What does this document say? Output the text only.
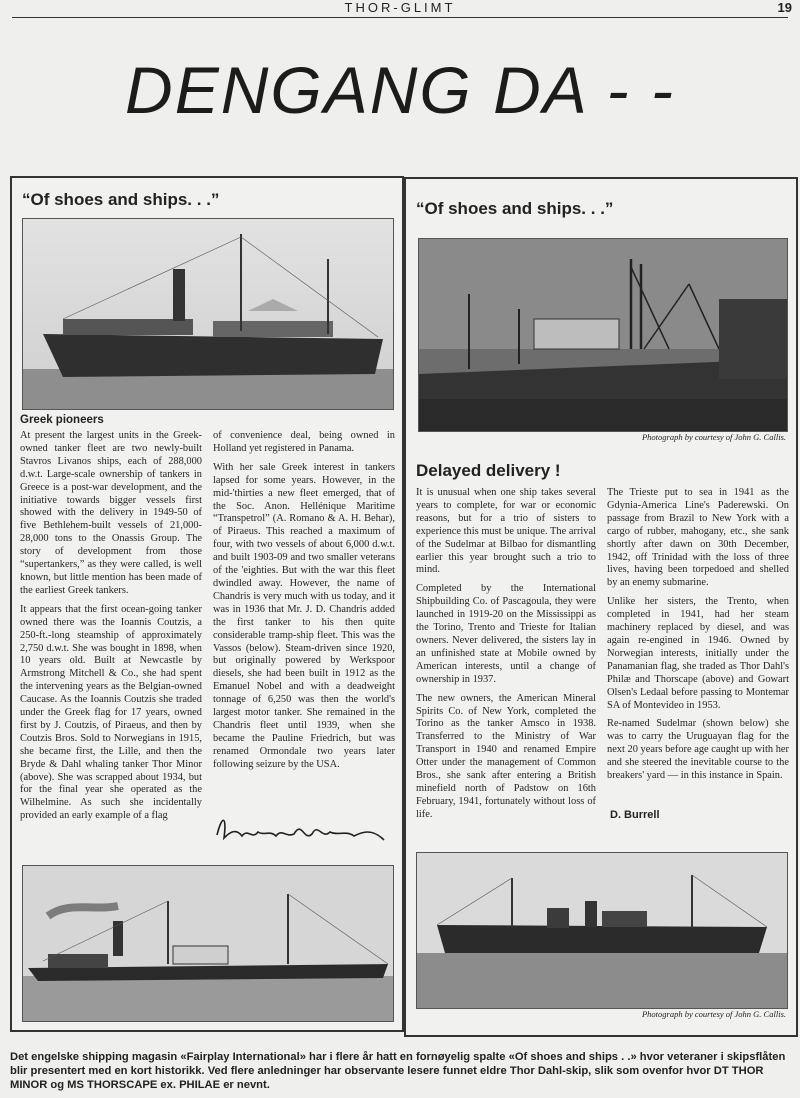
THOR-GLIMT	19
DENGANG DA - -
“Of shoes and ships. . .”
Greek pioneers

At present the largest units in the Greek-owned tanker fleet are two newly-built Stavros Livanos ships, each of 288,000 d.w.t. Large-scale ownership of tankers in Greece is a post-war development, and the initiative towards bigger vessels first showed with the delivery in 1949-50 of five Bethlehem-built vessels of 21,000-28,000 tons to the Onassis Group. The story of development from those “supertankers,” as they were called, is well known, but little mention has been made of the earliest Greek tankers.

It appears that the first ocean-going tanker owned there was the Ioannis Coutzis, a 250-ft.-long steamship of approximately 2,750 d.w.t. She was bought in 1898, when 10 years old. Built at Newcastle by Armstrong Mitchell & Co., she had spent the intervening years as the Belgian-owned Caucase. As the Ioannis Coutzis she traded under the Greek flag for 17 years, owned first by J. Coutzis, of Piraeus, and then by Coutzis Bros. Sold to Norwegians in 1915, she became first, the Lille, and then the Bryde & Dahl whaling tanker Thor Minor (above). She was scrapped about 1934, but for the final year she operated as the Wilhelmine. As such she incidentally provided an early example of a flag

of convenience deal, being owned in Holland yet registered in Panama.

With her sale Greek interest in tankers lapsed for some years. However, in the mid-'thirties a new fleet emerged, that of the Soc. Anon. Hellénique Maritime “Transpetrol” (A. Romano & A. H. Behar), of Piraeus. This reached a maximum of four, with two vessels of about 6,000 d.w.t. and built 1903-09 and two smaller veterans of the 'eighties. But with the war this fleet dwindled away. However, the name of Chandris is very much with us today, and it was in 1936 that Mr. J. D. Chandris added the first tanker to his then quite considerable tramp-ship fleet. This was the Vassos (below). Steam-driven since 1920, but originally powered by Werkspoor diesels, she had been built in 1912 as the Emanuel Nobel and with a deadweight tonnage of 6,250 was then the world's largest motor tanker. She remained in the Chandris fleet until 1939, when she became the Pauline Friedrich, but was renamed Ormondale two years later following seizure by the USA.

“Of shoes and ships. . .”
Photograph by courtesy of John G. Callis.
Delayed delivery !

It is unusual when one ship takes several years to complete, for war or economic reasons, but for a trio of sisters to experience this must be unique. The arrival of the Sudelmar at Bilbao for dismantling earlier this year brought such a trio to mind.

Completed by the International Shipbuilding Co. of Pascagoula, they were launched in 1919-20 on the Mississippi as the Torino, Trento and Trieste for Italian owners. Never delivered, the sisters lay in an unfinished state at Mobile owned by American interests, until a change of ownership in 1937.

The new owners, the American Mineral Spirits Co. of New York, completed the Torino as the tanker Amsco in 1938. Transferred to the Ministry of War Transport in 1940 and renamed Empire Otter under the management of Common Bros., she sank after entering a British minefield north of Padstow on 16th February, 1941, fortunately without loss of life.

The Trieste put to sea in 1941 as the Gdynia-America Line's Paderewski. On passage from Brazil to New York with a cargo of rubber, mahogany, etc., she sank shortly after dawn on 30th December, 1942, off Trinidad with the loss of three lives, having been torpedoed and shelled by an enemy submarine.

Unlike her sisters, the Trento, when completed in 1941, had her steam machinery replaced by diesel, and was again re-engined in 1946. Owned by Norwegian interests, initially under the Panamanian flag, she traded as Thor Dahl's Philæ and Thorscape (above) and Gowart Olsen's Ledaal before passing to Montemar SA of Montevideo in 1953.

Re-named Sudelmar (shown below) she was to carry the Uruguayan flag for the next 20 years before age caught up with her and she steered the inevitable course to the breakers' yard — in this instance in Spain.

D. Burrell
Photograph by courtesy of John G. Callis.
Det engelske shipping magasin «Fairplay International» har i flere år hatt en fornøyelig spalte «Of shoes and ships . .» hvor veteraner i skipsflåten blir presentert med en kort historikk. Ved flere anledninger har observante lesere funnet eldre Thor Dahl-skip, slik som ovenfor hvor DT THOR MINOR og MS THORSCAPE ex. PHILAE er nevnt.
